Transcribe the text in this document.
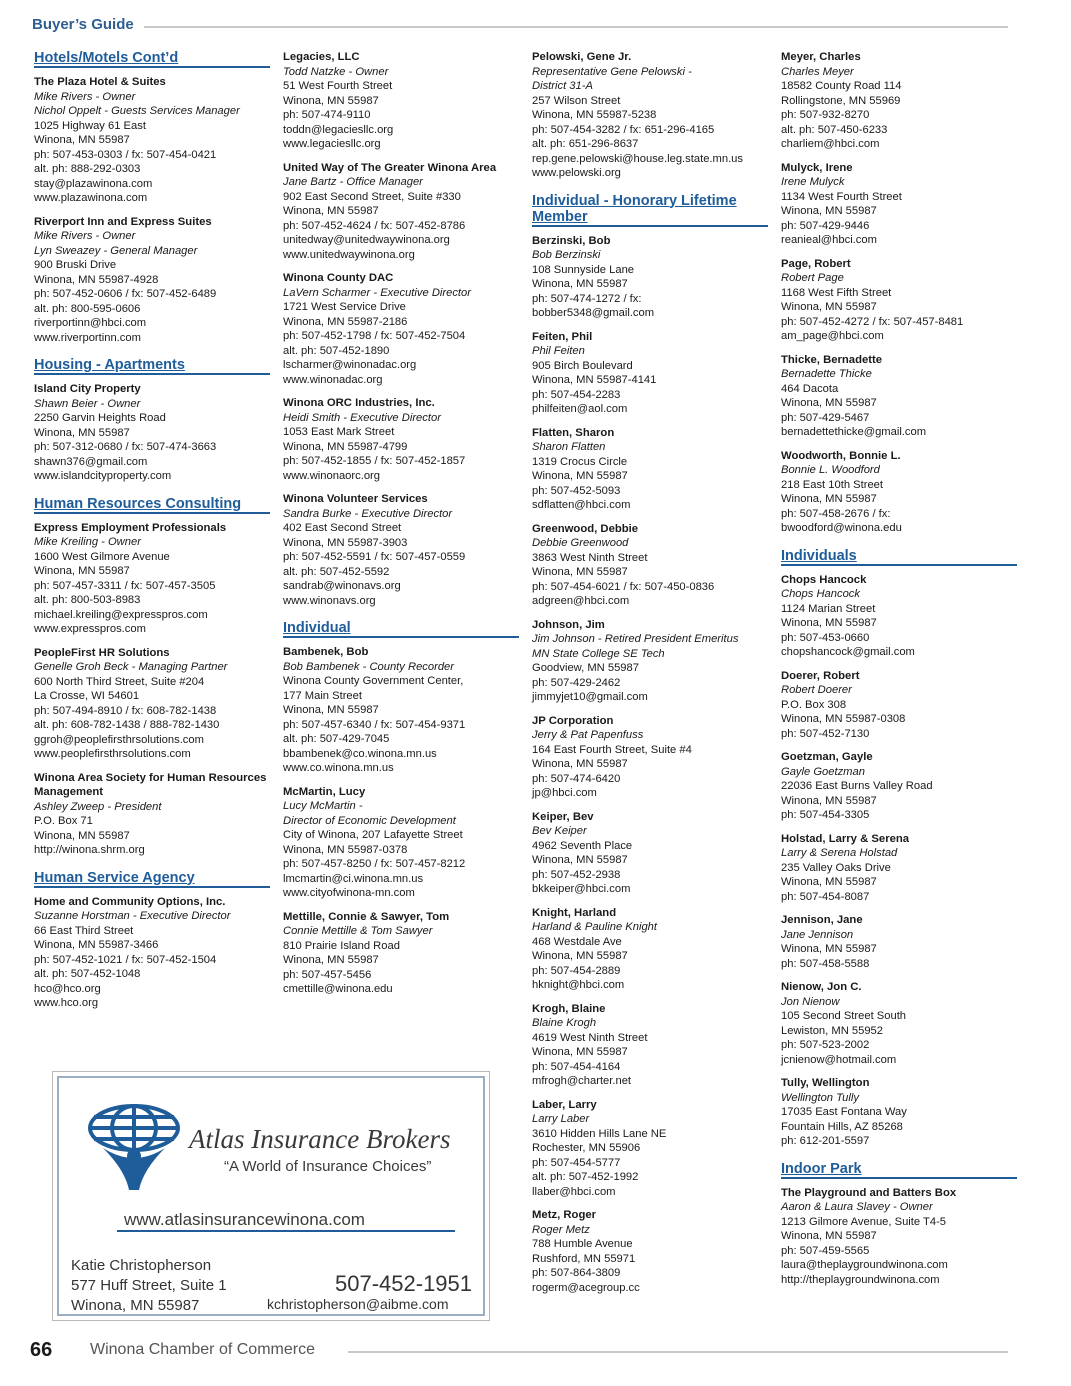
Buyer’s Guide
Hotels/Motels Cont’d
The Plaza Hotel & Suites
Mike Rivers - Owner
Nichol Oppelt - Guests Services Manager
1025 Highway 61 East
Winona, MN 55987
ph: 507-453-0303 / fx: 507-454-0421
alt. ph: 888-292-0303
stay@plazawinona.com
www.plazawinona.com
Riverport Inn and Express Suites
Mike Rivers - Owner
Lyn Sweazey - General Manager
900 Bruski Drive
Winona, MN 55987-4928
ph: 507-452-0606 / fx: 507-452-6489
alt. ph: 800-595-0606
riverportinn@hbci.com
www.riverportinn.com
Housing - Apartments
Island City Property
Shawn Beier - Owner
2250 Garvin Heights Road
Winona, MN 55987
ph: 507-312-0680 / fx: 507-474-3663
shawn376@gmail.com
www.islandcityproperty.com
Human Resources Consulting
Express Employment Professionals
Mike Kreiling - Owner
1600 West Gilmore Avenue
Winona, MN 55987
ph: 507-457-3311 / fx: 507-457-3505
alt. ph: 800-503-8983
michael.kreiling@expresspros.com
www.expresspros.com
PeopleFirst HR Solutions
Genelle Groh Beck - Managing Partner
600 North Third Street, Suite #204
La Crosse, WI 54601
ph: 507-494-8910 / fx: 608-782-1438
alt. ph: 608-782-1438 / 888-782-1430
ggroh@peoplefirsthrsolutions.com
www.peoplefirsthrsolutions.com
Winona Area Society for Human Resources Management
Ashley Zweep - President
P.O. Box 71
Winona, MN 55987
http://winona.shrm.org
Human Service Agency
Home and Community Options, Inc.
Suzanne Horstman - Executive Director
66 East Third Street
Winona, MN 55987-3466
ph: 507-452-1021 / fx: 507-452-1504
alt. ph: 507-452-1048
hco@hco.org
www.hco.org
Legacies, LLC
Todd Natzke - Owner
51 West Fourth Street
Winona, MN 55987
ph: 507-474-9110
toddn@legaciesllc.org
www.legaciesllc.org
United Way of The Greater Winona Area
Jane Bartz - Office Manager
902 East Second Street, Suite #330
Winona, MN 55987
ph: 507-452-4624 / fx: 507-452-8786
unitedway@unitedwaywinona.org
www.unitedwaywinona.org
Winona County DAC
LaVern Scharmer - Executive Director
1721 West Service Drive
Winona, MN 55987-2186
ph: 507-452-1798 / fx: 507-452-7504
alt. ph: 507-452-1890
lscharmer@winonadac.org
www.winonadac.org
Winona ORC Industries, Inc.
Heidi Smith - Executive Director
1053 East Mark Street
Winona, MN 55987-4799
ph: 507-452-1855 / fx: 507-452-1857
www.winonaorc.org
Winona Volunteer Services
Sandra Burke - Executive Director
402 East Second Street
Winona, MN 55987-3903
ph: 507-452-5591 / fx: 507-457-0559
alt. ph: 507-452-5592
sandrab@winonavs.org
www.winonavs.org
Individual
Bambenek, Bob
Bob Bambenek - County Recorder
Winona County Government Center,
177 Main Street
Winona, MN 55987
ph: 507-457-6340 / fx: 507-454-9371
alt. ph: 507-429-7045
bbambenek@co.winona.mn.us
www.co.winona.mn.us
McMartin, Lucy
Lucy McMartin -
Director of Economic Development
City of Winona, 207 Lafayette Street
Winona, MN 55987-0378
ph: 507-457-8250 / fx: 507-457-8212
lmcmartin@ci.winona.mn.us
www.cityofwinona-mn.com
Mettille, Connie & Sawyer, Tom
Connie Mettille & Tom Sawyer
810 Prairie Island Road
Winona, MN 55987
ph: 507-457-5456
cmettille@winona.edu
Pelowski, Gene Jr.
Representative Gene Pelowski -
District 31-A
257 Wilson Street
Winona, MN 55987-5238
ph: 507-454-3282 / fx: 651-296-4165
alt. ph: 651-296-8637
rep.gene.pelowski@house.leg.state.mn.us
www.pelowski.org
Individual - Honorary Lifetime Member
Berzinski, Bob
Bob Berzinski
108 Sunnyside Lane
Winona, MN 55987
ph: 507-474-1272 / fx:
bobber5348@gmail.com
Feiten, Phil
Phil Feiten
905 Birch Boulevard
Winona, MN 55987-4141
ph: 507-454-2283
philfeiten@aol.com
Flatten, Sharon
Sharon Flatten
1319 Crocus Circle
Winona, MN 55987
ph: 507-452-5093
sdflatten@hbci.com
Greenwood, Debbie
Debbie Greenwood
3863 West Ninth Street
Winona, MN 55987
ph: 507-454-6021 / fx: 507-450-0836
adgreen@hbci.com
Johnson, Jim
Jim Johnson - Retired President Emeritus
MN State College SE Tech
Goodview, MN 55987
ph: 507-429-2462
jimmyjet10@gmail.com
JP Corporation
Jerry & Pat Papenfuss
164 East Fourth Street, Suite #4
Winona, MN 55987
ph: 507-474-6420
jp@hbci.com
Keiper, Bev
Bev Keiper
4962 Seventh Place
Winona, MN 55987
ph: 507-452-2938
bkkeiper@hbci.com
Knight, Harland
Harland & Pauline Knight
468 Westdale Ave
Winona, MN 55987
ph: 507-454-2889
hknight@hbci.com
Krogh, Blaine
Blaine Krogh
4619 West Ninth Street
Winona, MN 55987
ph: 507-454-4164
mfrogh@charter.net
Laber, Larry
Larry Laber
3610 Hidden Hills Lane NE
Rochester, MN 55906
ph: 507-454-5777
alt. ph: 507-452-1992
llaber@hbci.com
Metz, Roger
Roger Metz
788 Humble Avenue
Rushford, MN 55971
ph: 507-864-3809
rogerm@acegroup.cc
Meyer, Charles
Charles Meyer
18582 County Road 114
Rollingstone, MN 55969
ph: 507-932-8270
alt. ph: 507-450-6233
charliem@hbci.com
Mulyck, Irene
Irene Mulyck
1134 West Fourth Street
Winona, MN 55987
ph: 507-429-9446
reanieal@hbci.com
Page, Robert
Robert Page
1168 West Fifth Street
Winona, MN 55987
ph: 507-452-4272 / fx: 507-457-8481
am_page@hbci.com
Thicke, Bernadette
Bernadette Thicke
464 Dacota
Winona, MN 55987
ph: 507-429-5467
bernadettethicke@gmail.com
Woodworth, Bonnie L.
Bonnie L. Woodford
218 East 10th Street
Winona, MN 55987
ph: 507-458-2676 / fx:
bwoodford@winona.edu
Individuals
Chops Hancock
Chops Hancock
1124 Marian Street
Winona, MN 55987
ph: 507-453-0660
chopshancock@gmail.com
Doerer, Robert
Robert Doerer
P.O. Box 308
Winona, MN 55987-0308
ph: 507-452-7130
Goetzman, Gayle
Gayle Goetzman
22036 East Burns Valley Road
Winona, MN 55987
ph: 507-454-3305
Holstad, Larry & Serena
Larry & Serena Holstad
235 Valley Oaks Drive
Winona, MN 55987
ph: 507-454-8087
Jennison, Jane
Jane Jennison
Winona, MN 55987
ph: 507-458-5588
Nienow, Jon C.
Jon Nienow
105 Second Street South
Lewiston, MN 55952
ph: 507-523-2002
jcnienow@hotmail.com
Tully, Wellington
Wellington Tully
17035 East Fontana Way
Fountain Hills, AZ 85268
ph: 612-201-5597
Indoor Park
The Playground and Batters Box
Aaron & Laura Slavey - Owner
1213 Gilmore Avenue, Suite T4-5
Winona, MN 55987
ph: 507-459-5565
laura@theplaygroundwinona.com
http://theplaygroundwinona.com
Atlas Insurance Brokers
“A World of Insurance Choices”
www.atlasinsurancewinona.com
Katie Christopherson
577 Huff Street, Suite 1
Winona, MN 55987
507-452-1951
kchristopherson@aibme.com
66 Winona Chamber of Commerce
